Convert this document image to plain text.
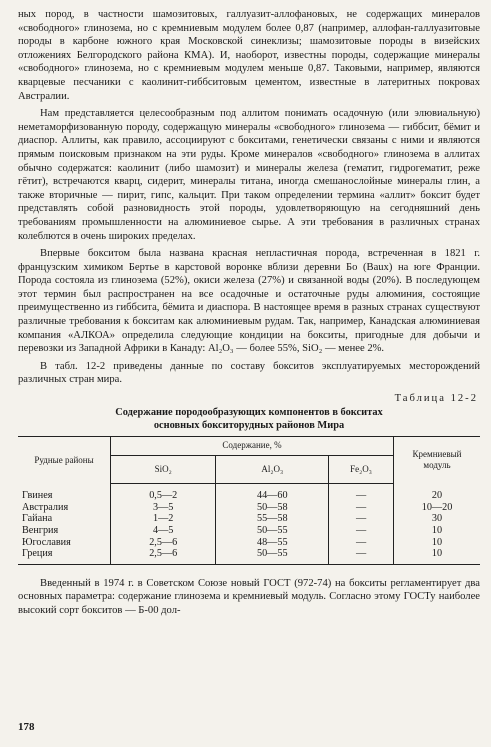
ных пород, в частности шамозитовых, галлуазит-аллофановых, не содержащих минералов «свободного» глинозема, но с кремниевым модулем более 0,87 (например, аллофан-галлуазитовые породы в карбоне южного края Московской синеклизы; шамозитовые породы в визейских отложениях Белгородского района КМА). И, наоборот, известны породы, содержащие минералы «свободного» глинозема, но с кремниевым модулем меньше 0,87. Таковыми, например, являются кварцевые песчаники с каолинит-гиббситовым цементом, известные в латеритных покровах Австралии.

Нам представляется целесообразным под аллитом понимать осадочную (или элювиальную) неметаморфизованную породу, содержащую минералы «свободного» глинозема — гиббсит, бёмит и диаспор. Аллиты, как правило, ассоциируют с бокситами, генетически связаны с ними и являются прямым поисковым признаком на эти руды. Кроме минералов «свободного» глинозема в аллитах обычно содержатся: каолинит (либо шамозит) и минералы железа (гематит, гидрогематит, реже гётит), встречаются кварц, сидерит, минералы титана, иногда смешанослойные минералы глин, а также вторичные — пирит, гипс, кальцит. При таком определении термина «аллит» боксит будет представлять собой разновидность этой породы, удовлетворяющую на сегодняшний день требованиям промышленности на алюминиевое сырье. А эти требования в различных странах колеблются в очень широких пределах.

Впервые бокситом была названа красная непластичная порода, встреченная в 1821 г. французским химиком Бертье в карстовой воронке вблизи деревни Бо (Baux) на юге Франции. Порода состояла из глинозема (52%), окиси железа (27%) и связанной воды (20%). В последующем этот термин был распространен на все осадочные и остаточные руды алюминия, состоящие преимущественно из гиббсита, бёмита и диаспора. В настоящее время в разных странах существуют различные требования к бокситам как алюминиевым рудам. Так, например, Канадская алюминиевая компания «АЛКОА» определила следующие кондиции на бокситы, пригодные для добычи и перевозки из Западной Африки в Канаду: Al₂O₃ — более 55%, SiO₂ — менее 2%.

В табл. 12-2 приведены данные по составу бокситов эксплуатируемых месторождений различных стран мира.

Таблица 12-2
Содержание породообразующих компонентов в бокситах
основных бокситорудных районов Мира
Рудные районы	Содержание, %			Кремниевый
модуль

	SiO₂	Al₂O₃	Fe₂O₃	
Гвинея	0,5—2	44—60	—	20
Австралия	3—5	50—58	—	10—20
Гайана	1—2	55—58	—	30
Венгрия	4—5	50—55	—	10
Югославия	2,5—6	48—55	—	10
Греция	2,5—6	50—55	—	10

Введенный в 1974 г. в Советском Союзе новый ГОСТ (972-74) на бокситы регламентирует два основных параметра: содержание глинозема и кремниевый модуль. Согласно этому ГОСТу наиболее высокий сорт бокситов — Б-00 дол-

178
